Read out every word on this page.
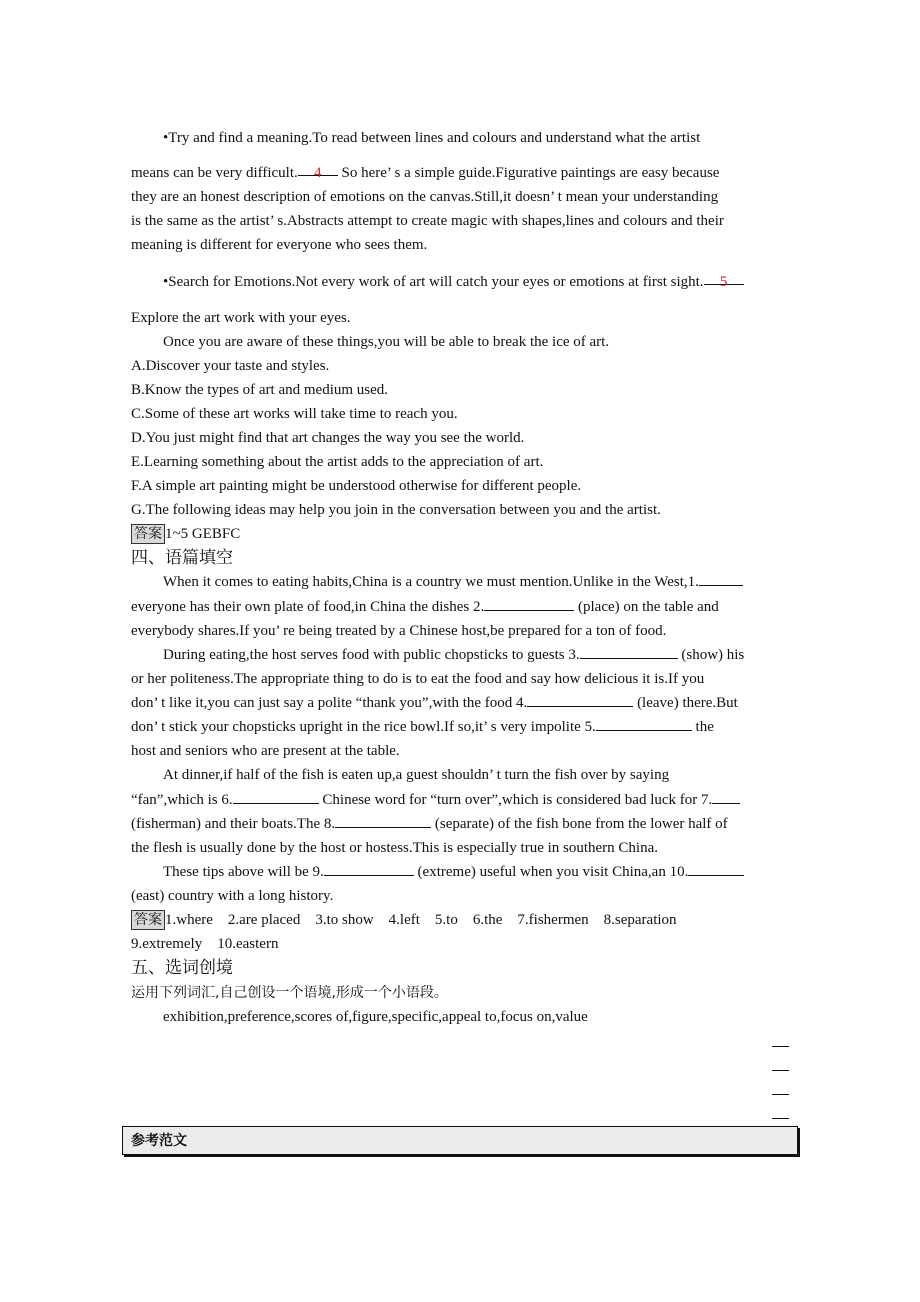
•Try and find a meaning.To read between lines and colours and understand what the artist
means can be very difficult. 4 So here’ s a simple guide.Figurative paintings are easy because
they are an honest description of emotions on the canvas.Still,it doesn’ t mean your understanding
is the same as the artist’ s.Abstracts attempt to create magic with shapes,lines and colours and their
meaning is different for everyone who sees them.
•Search for Emotions.Not every work of art will catch your eyes or emotions at first sight. 5
Explore the art work with your eyes.
Once you are aware of these things,you will be able to break the ice of art.
A.Discover your taste and styles.
B.Know the types of art and medium used.
C.Some of these art works will take time to reach you.
D.You just might find that art changes the way you see the world.
E.Learning something about the artist adds to the appreciation of art.
F.A simple art painting might be understood otherwise for different people.
G.The following ideas may help you join in the conversation between you and the artist.
答案 1~5 GEBFC
四、语篇填空
When it comes to eating habits,China is a country we must mention.Unlike in the West,1.
everyone has their own plate of food,in China the dishes 2.	(place) on the table and
everybody shares.If you’ re being treated by a Chinese host,be prepared for a ton of food.
During eating,the host serves food with public chopsticks to guests 3.	(show) his
or her politeness.The appropriate thing to do is to eat the food and say how delicious it is.If you
don’ t like it,you can just say a polite “thank you”,with the food 4.	(leave) there.But
don’ t stick your chopsticks upright in the rice bowl.If so,it’ s very impolite 5.	the
host and seniors who are present at the table.
At dinner,if half of the fish is eaten up,a guest shouldn’ t turn the fish over by saying
“fan”,which is 6.	Chinese word for “turn over”,which is considered bad luck for 7.
(fisherman) and their boats.The 8.	(separate) of the fish bone from the lower half of
the flesh is usually done by the host or hostess.This is especially true in southern China.
These tips above will be 9.	(extreme) useful when you visit China,an 10.
(east) country with a long history.
答案 1.where    2.are placed    3.to show    4.left    5.to    6.the    7.fishermen    8.separation
9.extremely    10.eastern
五、选词创境
运用下列词汇,自己创设一个语境,形成一个小语段。
exhibition,preference,scores of,figure,specific,appeal to,focus on,value
参考范文
